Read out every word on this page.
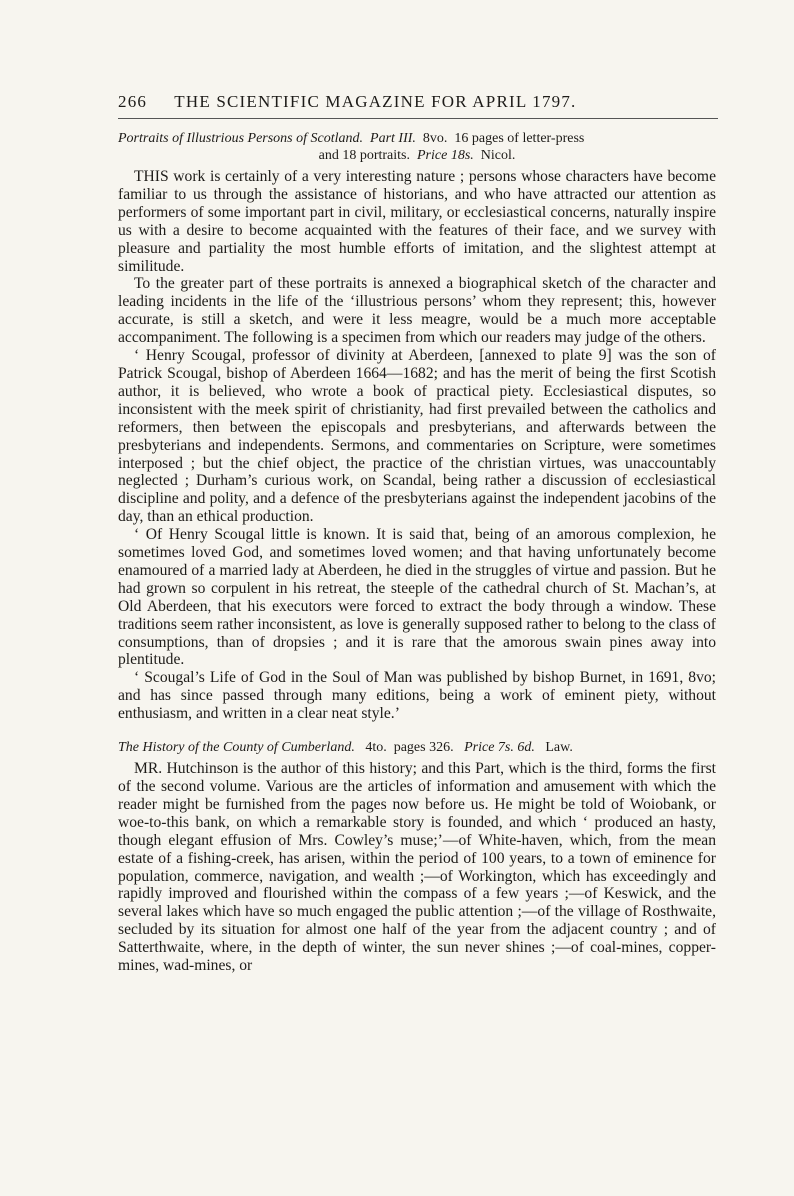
266 THE SCIENTIFIC MAGAZINE FOR APRIL 1797.

Portraits of Illustrious Persons of Scotland. Part III. 8vo. 16 pages of letter-press
and 18 portraits. Price 18s. Nicol.

THIS work is certainly of a very interesting nature ; persons whose characters have become familiar to us through the assistance of historians, and who have attracted our attention as performers of some important part in civil, military, or ecclesiastical concerns, naturally inspire us with a desire to become acquainted with the features of their face, and we survey with pleasure and partiality the most humble efforts of imitation, and the slightest attempt at similitude.

To the greater part of these portraits is annexed a biographical sketch of the character and leading incidents in the life of the ‘illustrious persons’ whom they represent; this, however accurate, is still a sketch, and were it less meagre, would be a much more acceptable accompaniment. The following is a specimen from which our readers may judge of the others.

‘ Henry Scougal, professor of divinity at Aberdeen, [annexed to plate 9] was the son of Patrick Scougal, bishop of Aberdeen 1664—1682; and has the merit of being the first Scotish author, it is believed, who wrote a book of practical piety. Ecclesiastical disputes, so inconsistent with the meek spirit of christianity, had first prevailed between the catholics and reformers, then between the episcopals and presbyterians, and afterwards between the presbyterians and independents. Sermons, and commentaries on Scripture, were sometimes interposed ; but the chief object, the practice of the christian virtues, was unaccountably neglected ; Durham’s curious work, on Scandal, being rather a discussion of ecclesiastical discipline and polity, and a defence of the presbyterians against the independent jacobins of the day, than an ethical production.

‘ Of Henry Scougal little is known. It is said that, being of an amorous complexion, he sometimes loved God, and sometimes loved women; and that having unfortunately become enamoured of a married lady at Aberdeen, he died in the struggles of virtue and passion. But he had grown so corpulent in his retreat, the steeple of the cathedral church of St. Machan’s, at Old Aberdeen, that his executors were forced to extract the body through a window. These traditions seem rather inconsistent, as love is generally supposed rather to belong to the class of consumptions, than of dropsies ; and it is rare that the amorous swain pines away into plentitude.

‘ Scougal’s Life of God in the Soul of Man was published by bishop Burnet, in 1691, 8vo; and has since passed through many editions, being a work of eminent piety, without enthusiasm, and written in a clear neat style.’

The History of the County of Cumberland. 4to. pages 326. Price 7s. 6d. Law.

MR. Hutchinson is the author of this history; and this Part, which is the third, forms the first of the second volume. Various are the articles of information and amusement with which the reader might be furnished from the pages now before us. He might be told of Woiobank, or woe-to-this bank, on which a remarkable story is founded, and which ‘ produced an hasty, though elegant effusion of Mrs. Cowley’s muse;’—of White-haven, which, from the mean estate of a fishing-creek, has arisen, within the period of 100 years, to a town of eminence for population, commerce, navigation, and wealth ;—of Workington, which has exceedingly and rapidly improved and flourished within the compass of a few years ;—of Keswick, and the several lakes which have so much engaged the public attention ;—of the village of Rosthwaite, secluded by its situation for almost one half of the year from the adjacent country ; and of Satterthwaite, where, in the depth of winter, the sun never shines ;—of coal-mines, copper-mines, wad-mines, or
